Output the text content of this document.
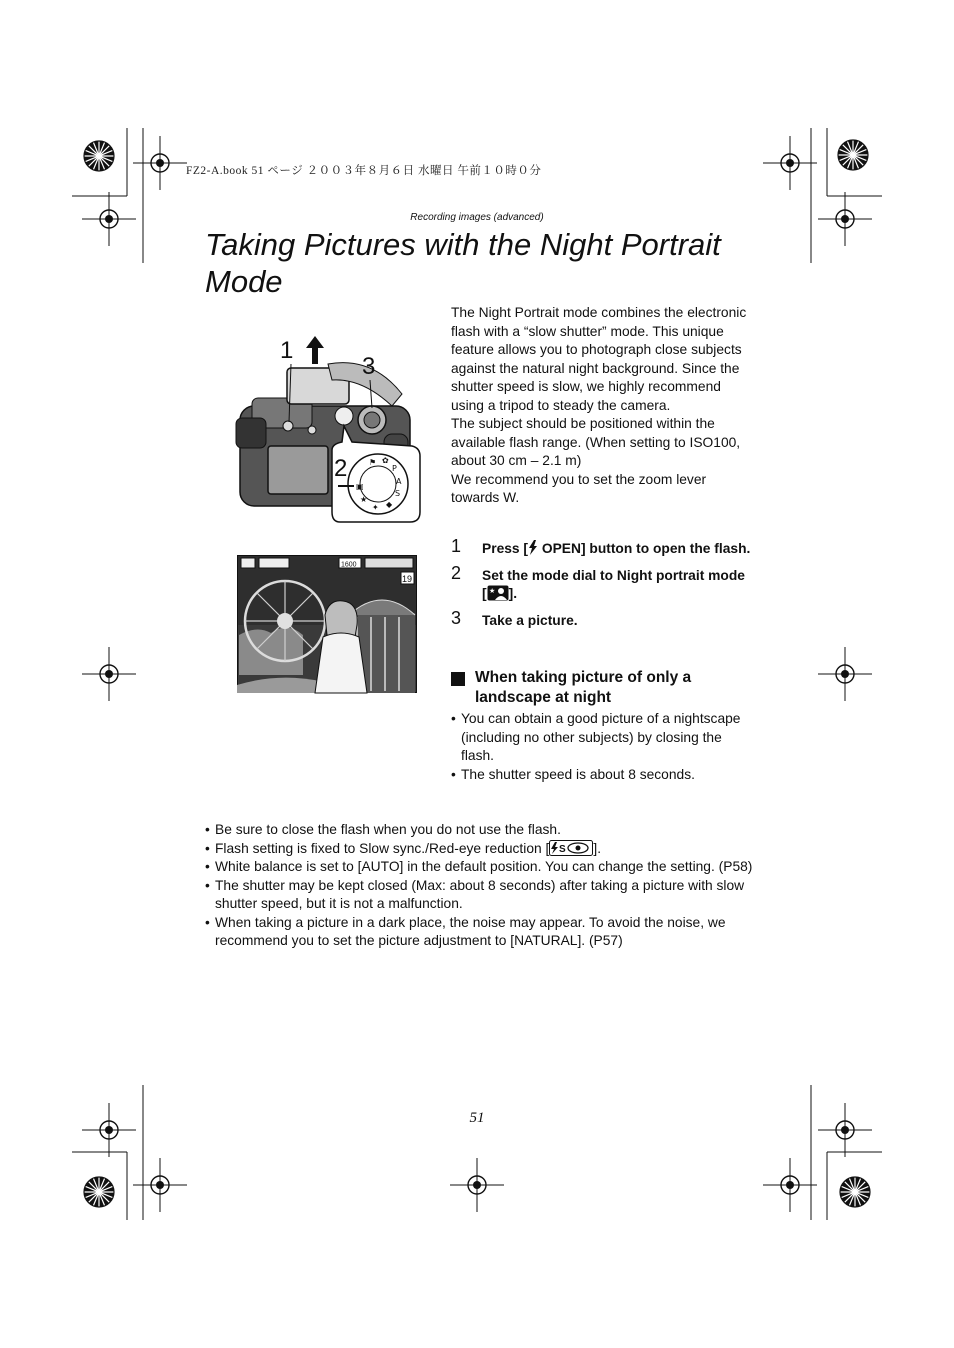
FZ2-A.book 51 ページ ２００３年８月６日 水曜日 午前１０時０分
Recording images (advanced)
Taking Pictures with the Night Portrait Mode
1
3
⚑ ✿
P
A
S
◆
✦
★
▣
2
1600
19

The Night Portrait mode combines the electronic flash with a “slow shutter” mode. This unique feature allows you to photograph close subjects against the natural night background. Since the shutter speed is slow, we highly recommend using a tripod to steady the camera.

The subject should be positioned within the available flash range. (When setting to ISO100, about 30 cm – 2.1 m)

We recommend you to set the zoom lever towards W.

1 Press [ OPEN] button to open the flash.
2 Set the mode dial to Night portrait mode [ ★ ].
3 Take a picture.
When taking picture of only a landscape at night
• You can obtain a good picture of a nightscape (including no other subjects) by closing the flash.
• The shutter speed is about 8 seconds.
• Be sure to close the flash when you do not use the flash.
• Flash setting is fixed to Slow sync./Red-eye reduction [ S ].
• White balance is set to [AUTO] in the default position. You can change the setting. (P58)
• The shutter may be kept closed (Max: about 8 seconds) after taking a picture with slow shutter speed, but it is not a malfunction.
• When taking a picture in a dark place, the noise may appear. To avoid the noise, we recommend you to set the picture adjustment to [NATURAL]. (P57)
51
